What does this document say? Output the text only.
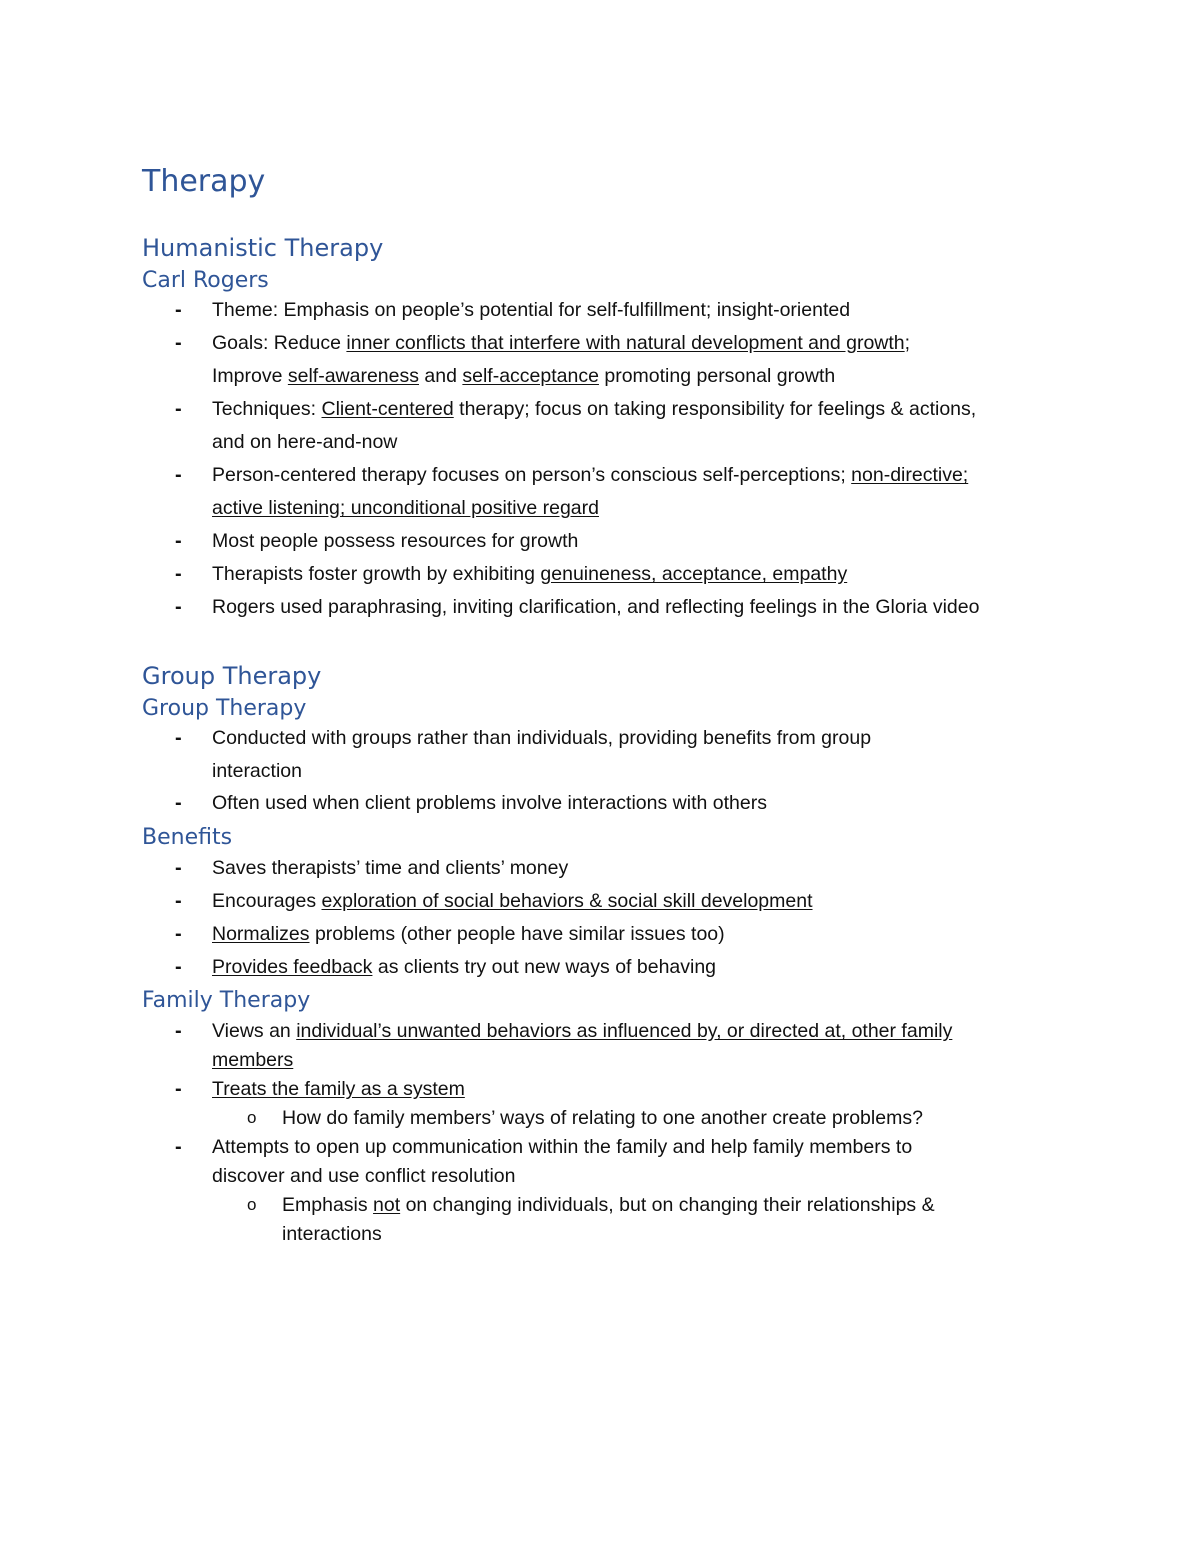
Therapy
Humanistic Therapy
Carl Rogers
- Theme: Emphasis on people’s potential for self-fulfillment; insight-oriented

- Goals: Reduce inner conflicts that interfere with natural development and growth;

Improve self-awareness and self-acceptance promoting personal growth

- Techniques: Client-centered therapy; focus on taking responsibility for feelings & actions,

and on here-and-now

- Person-centered therapy focuses on person’s conscious self-perceptions; non-directive;

active listening; unconditional positive regard

- Most people possess resources for growth

- Therapists foster growth by exhibiting genuineness, acceptance, empathy

- Rogers used paraphrasing, inviting clarification, and reflecting feelings in the Gloria video

Group Therapy
Group Therapy
- Conducted with groups rather than individuals, providing benefits from group

interaction

- Often used when client problems involve interactions with others

Benefits
- Saves therapists’ time and clients’ money

- Encourages exploration of social behaviors & social skill development

- Normalizes problems (other people have similar issues too)

- Provides feedback as clients try out new ways of behaving

Family Therapy
- Views an individual’s unwanted behaviors as influenced by, or directed at, other family

members

- Treats the family as a system

o How do family members’ ways of relating to one another create problems?

- Attempts to open up communication within the family and help family members to

discover and use conflict resolution

o Emphasis not on changing individuals, but on changing their relationships &

interactions
